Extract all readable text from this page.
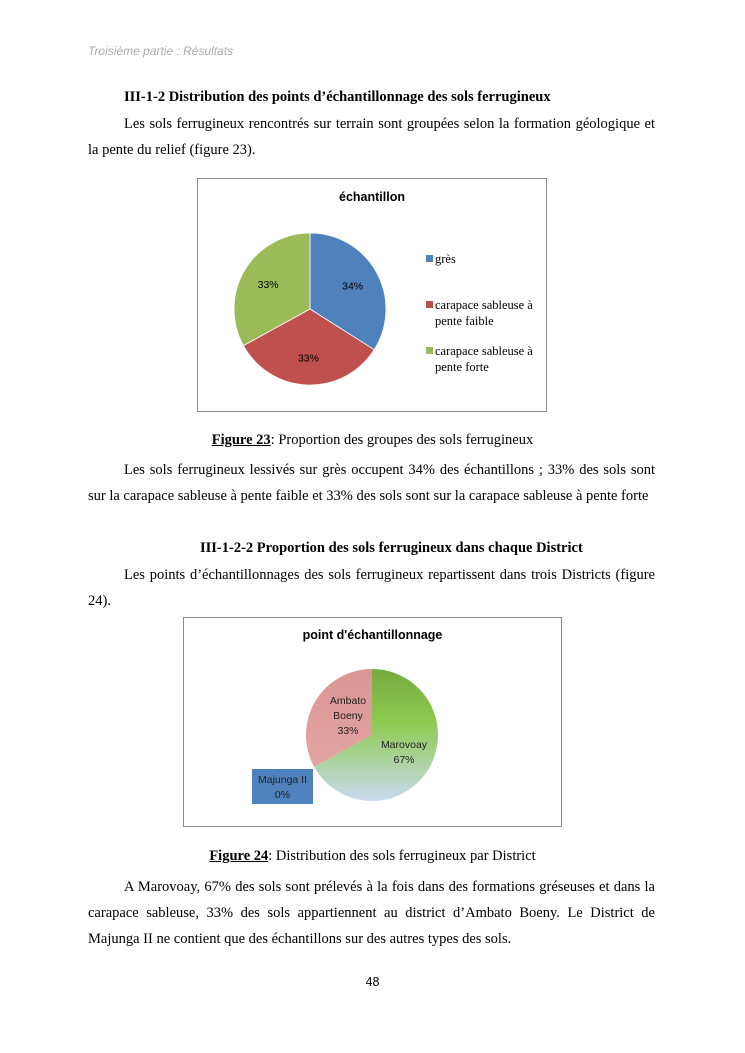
Troisième partie : Résultats
III-1-2 Distribution des points d’échantillonnage des sols ferrugineux

Les sols ferrugineux rencontrés sur terrain sont groupées selon la formation géologique et la pente du relief (figure 23).

échantillon
34%
33%
33%
grès
carapace sableuse à pente faible
carapace sableuse à pente forte
Figure 23: Proportion des groupes des sols ferrugineux

Les sols ferrugineux lessivés sur grès occupent 34% des échantillons ; 33% des sols sont sur la carapace sableuse à pente faible et 33% des sols sont sur la carapace sableuse à pente forte

III-1-2-2 Proportion des sols ferrugineux dans chaque District

Les points d’échantillonnages des sols ferrugineux repartissent dans trois Districts (figure 24).

point d'échantillonnage
Marovoay 67%
Ambato Boeny 33%
Majunga II 0%
Figure 24: Distribution des sols ferrugineux par District

A Marovoay, 67% des sols sont prélevés à la fois dans des formations gréseuses et dans la carapace sableuse, 33% des sols appartiennent au district d’Ambato Boeny. Le District de Majunga II ne contient que des échantillons sur des autres types des sols.

48
